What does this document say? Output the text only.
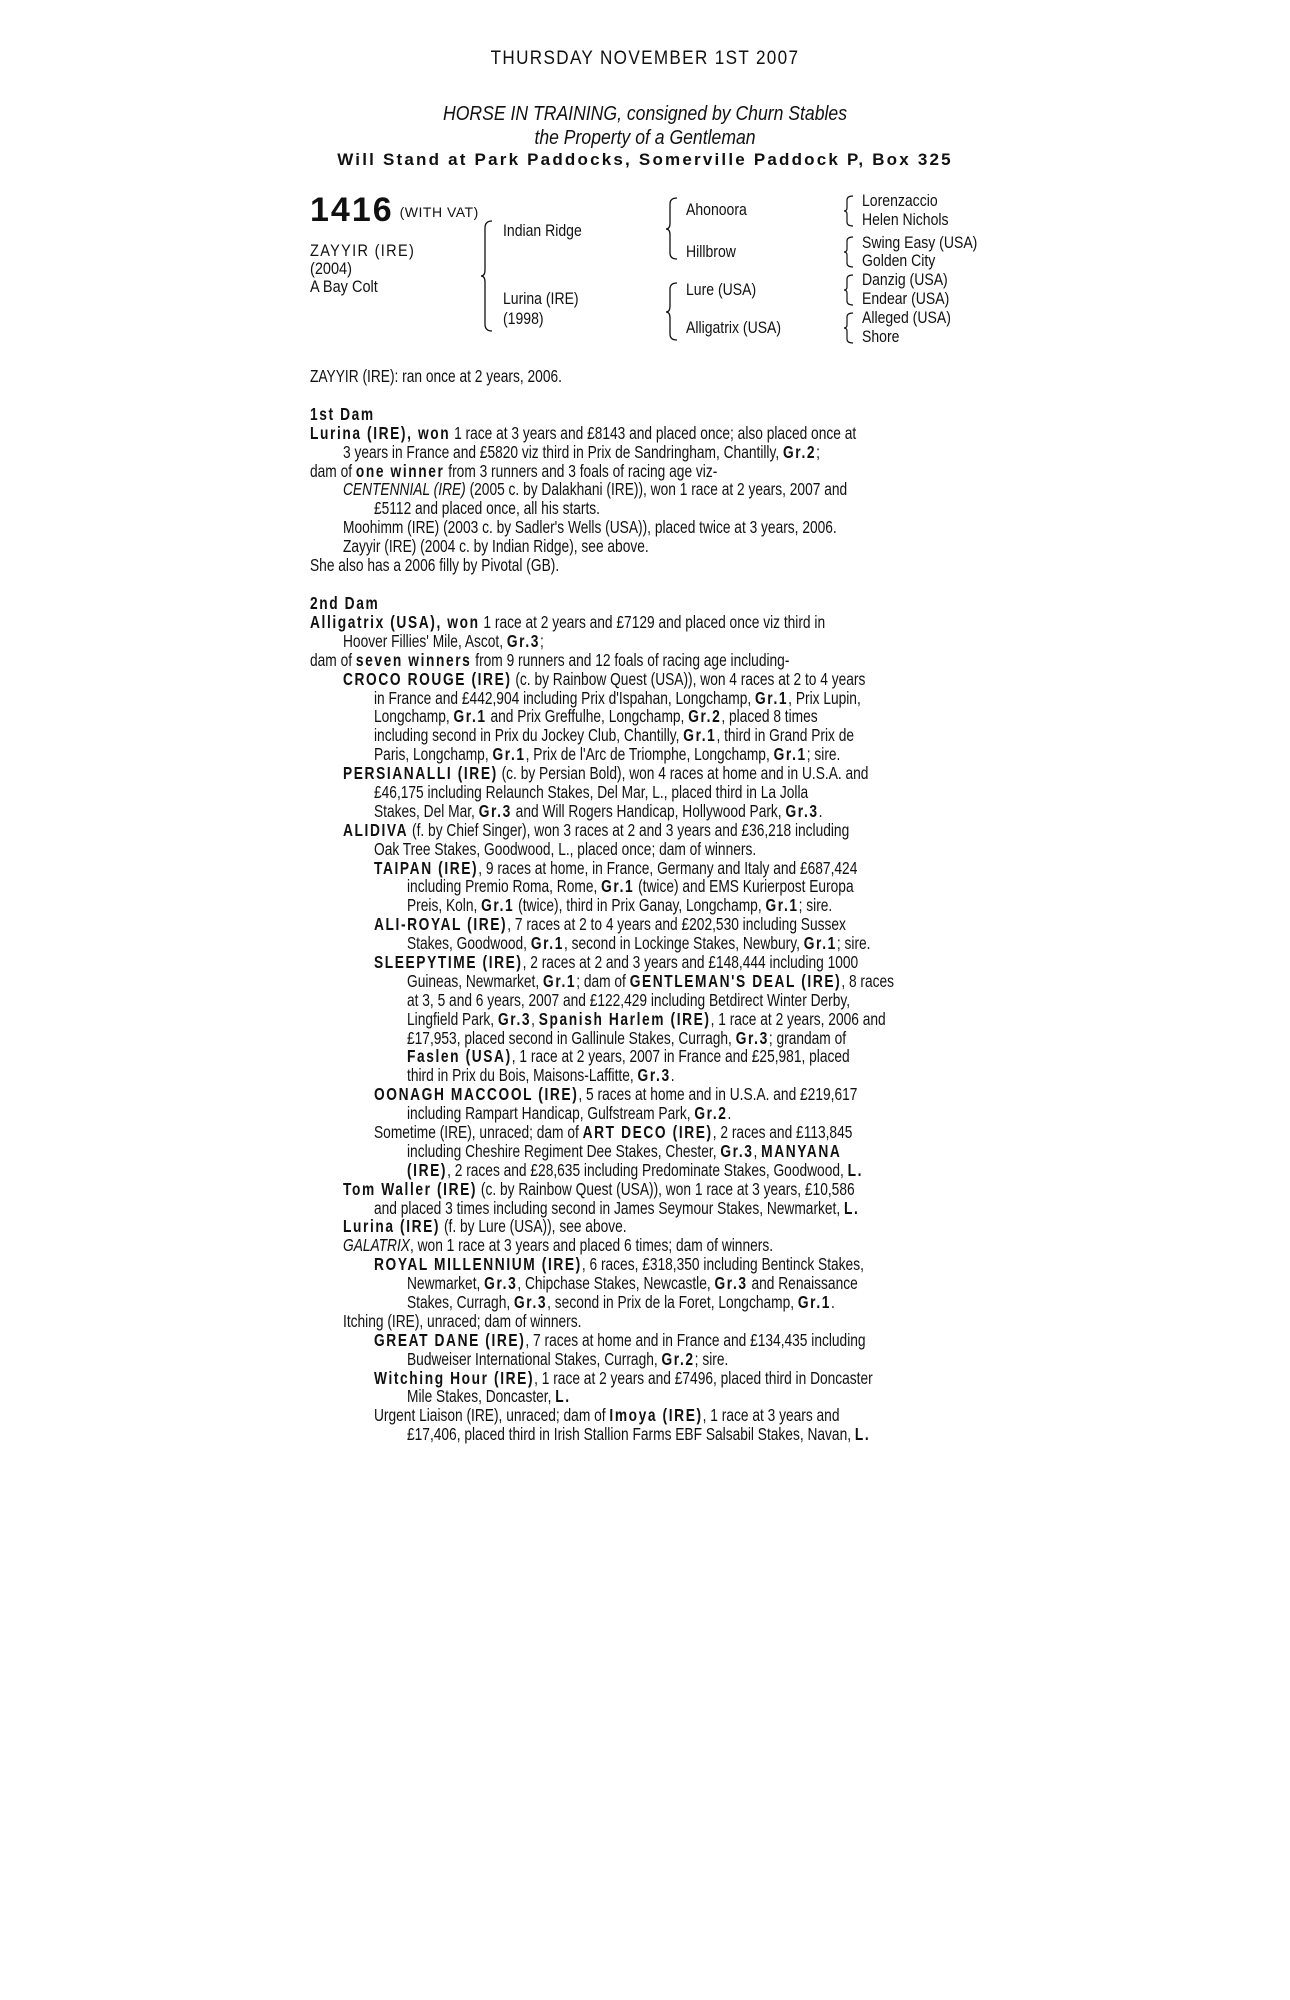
THURSDAY NOVEMBER 1ST 2007
HORSE IN TRAINING, consigned by Churn Stables
the Property of a Gentleman
Will Stand at Park Paddocks, Somerville Paddock P, Box 325
1416 (WITH VAT)
ZAYYIR (IRE)
(2004)
A Bay Colt
Indian Ridge
Lurina (IRE)
(1998)
Ahonoora
Hillbrow
Lure (USA)
Alligatrix (USA)
Lorenzaccio
Helen Nichols
Swing Easy (USA)
Golden City
Danzig (USA)
Endear (USA)
Alleged (USA)
Shore
ZAYYIR (IRE): ran once at 2 years, 2006.
1st Dam
Lurina (IRE), won 1 race at 3 years and £8143 and placed once; also placed once at
3 years in France and £5820 viz third in Prix de Sandringham, Chantilly, Gr.2;
dam of one winner from 3 runners and 3 foals of racing age viz-
CENTENNIAL (IRE) (2005 c. by Dalakhani (IRE)), won 1 race at 2 years, 2007 and
£5112 and placed once, all his starts.
Moohimm (IRE) (2003 c. by Sadler's Wells (USA)), placed twice at 3 years, 2006.
Zayyir (IRE) (2004 c. by Indian Ridge), see above.
She also has a 2006 filly by Pivotal (GB).
2nd Dam
Alligatrix (USA), won 1 race at 2 years and £7129 and placed once viz third in
Hoover Fillies' Mile, Ascot, Gr.3;
dam of seven winners from 9 runners and 12 foals of racing age including-
CROCO ROUGE (IRE) (c. by Rainbow Quest (USA)), won 4 races at 2 to 4 years
in France and £442,904 including Prix d'Ispahan, Longchamp, Gr.1, Prix Lupin,
Longchamp, Gr.1 and Prix Greffulhe, Longchamp, Gr.2, placed 8 times
including second in Prix du Jockey Club, Chantilly, Gr.1, third in Grand Prix de
Paris, Longchamp, Gr.1, Prix de l'Arc de Triomphe, Longchamp, Gr.1; sire.
PERSIANALLI (IRE) (c. by Persian Bold), won 4 races at home and in U.S.A. and
£46,175 including Relaunch Stakes, Del Mar, L., placed third in La Jolla
Stakes, Del Mar, Gr.3 and Will Rogers Handicap, Hollywood Park, Gr.3.
ALIDIVA (f. by Chief Singer), won 3 races at 2 and 3 years and £36,218 including
Oak Tree Stakes, Goodwood, L., placed once; dam of winners.
TAIPAN (IRE), 9 races at home, in France, Germany and Italy and £687,424
including Premio Roma, Rome, Gr.1 (twice) and EMS Kurierpost Europa
Preis, Koln, Gr.1 (twice), third in Prix Ganay, Longchamp, Gr.1; sire.
ALI-ROYAL (IRE), 7 races at 2 to 4 years and £202,530 including Sussex
Stakes, Goodwood, Gr.1, second in Lockinge Stakes, Newbury, Gr.1; sire.
SLEEPYTIME (IRE), 2 races at 2 and 3 years and £148,444 including 1000
Guineas, Newmarket, Gr.1; dam of GENTLEMAN'S DEAL (IRE), 8 races
at 3, 5 and 6 years, 2007 and £122,429 including Betdirect Winter Derby,
Lingfield Park, Gr.3, Spanish Harlem (IRE), 1 race at 2 years, 2006 and
£17,953, placed second in Gallinule Stakes, Curragh, Gr.3; grandam of
Faslen (USA), 1 race at 2 years, 2007 in France and £25,981, placed
third in Prix du Bois, Maisons-Laffitte, Gr.3.
OONAGH MACCOOL (IRE), 5 races at home and in U.S.A. and £219,617
including Rampart Handicap, Gulfstream Park, Gr.2.
Sometime (IRE), unraced; dam of ART DECO (IRE), 2 races and £113,845
including Cheshire Regiment Dee Stakes, Chester, Gr.3, MANYANA
(IRE), 2 races and £28,635 including Predominate Stakes, Goodwood, L.
Tom Waller (IRE) (c. by Rainbow Quest (USA)), won 1 race at 3 years, £10,586
and placed 3 times including second in James Seymour Stakes, Newmarket, L.
Lurina (IRE) (f. by Lure (USA)), see above.
GALATRIX, won 1 race at 3 years and placed 6 times; dam of winners.
ROYAL MILLENNIUM (IRE), 6 races, £318,350 including Bentinck Stakes,
Newmarket, Gr.3, Chipchase Stakes, Newcastle, Gr.3 and Renaissance
Stakes, Curragh, Gr.3, second in Prix de la Foret, Longchamp, Gr.1.
Itching (IRE), unraced; dam of winners.
GREAT DANE (IRE), 7 races at home and in France and £134,435 including
Budweiser International Stakes, Curragh, Gr.2; sire.
Witching Hour (IRE), 1 race at 2 years and £7496, placed third in Doncaster
Mile Stakes, Doncaster, L.
Urgent Liaison (IRE), unraced; dam of Imoya (IRE), 1 race at 3 years and
£17,406, placed third in Irish Stallion Farms EBF Salsabil Stakes, Navan, L.
